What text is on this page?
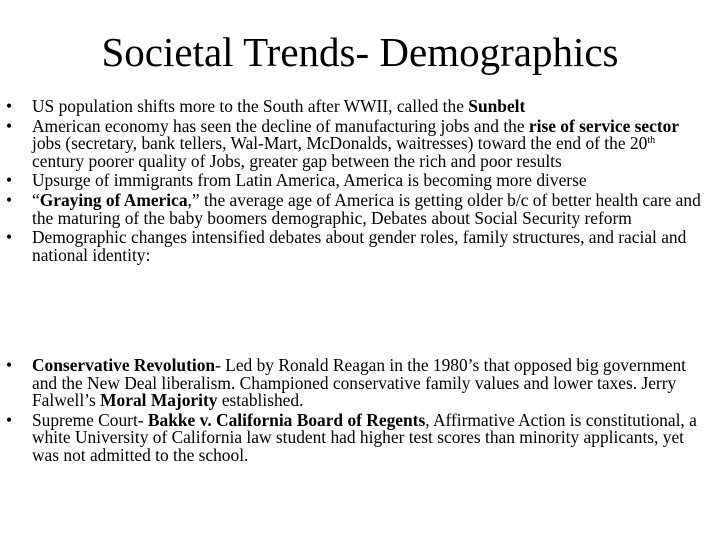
Societal Trends- Demographics
• US population shifts more to the South after WWII, called the Sunbelt
• American economy has seen the decline of manufacturing jobs and the rise of service sector jobs (secretary, bank tellers, Wal-Mart, McDonalds, waitresses) toward the end of the 20th century poorer quality of Jobs, greater gap between the rich and poor results
• Upsurge of immigrants from Latin America, America is becoming more diverse
• “Graying of America,” the average age of America is getting older b/c of better health care and the maturing of the baby boomers demographic, Debates about Social Security reform
• Demographic changes intensified debates about gender roles, family structures, and racial and national identity:
• Conservative Revolution- Led by Ronald Reagan in the 1980’s that opposed big government and the New Deal liberalism. Championed conservative family values and lower taxes. Jerry Falwell’s Moral Majority established.
• Supreme Court- Bakke v. California Board of Regents, Affirmative Action is constitutional, a white University of California law student had higher test scores than minority applicants, yet was not admitted to the school.
